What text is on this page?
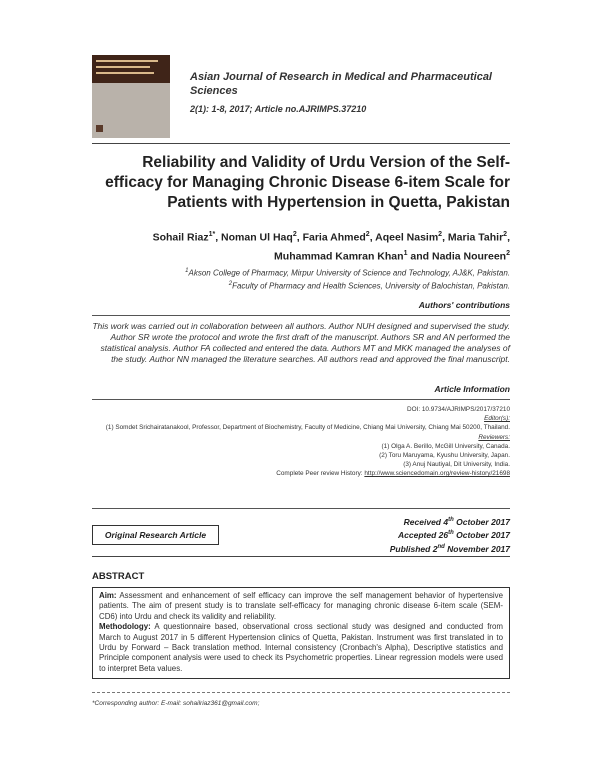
Asian Journal of Research in Medical and Pharmaceutical Sciences
2(1): 1-8, 2017; Article no.AJRIMPS.37210
Reliability and Validity of Urdu Version of the Self-efficacy for Managing Chronic Disease 6-item Scale for Patients with Hypertension in Quetta, Pakistan
Sohail Riaz$^{1*}$, Noman Ul Haq$^2$, Faria Ahmed$^2$, Aqeel Nasim$^2$, Maria Tahir$^2$,
Muhammad Kamran Khan$^1$ and Nadia Noureen$^2$
$^1$Akson College of Pharmacy, Mirpur University of Science and Technology, AJ&K, Pakistan.
$^2$Faculty of Pharmacy and Health Sciences, University of Balochistan, Pakistan.
Authors' contributions
This work was carried out in collaboration between all authors. Author NUH designed and supervised the study. Author SR wrote the protocol and wrote the first draft of the manuscript. Authors SR and AN performed the statistical analysis. Author FA collected and entered the data. Authors MT and MKK managed the analyses of the study. Author NN managed the literature searches. All authors read and approved the final manuscript.
Article Information
DOI: 10.9734/AJRIMPS/2017/37210
Editor(s):
(1) Somdet Srichairatanakool, Professor, Department of Biochemistry, Faculty of Medicine, Chiang Mai University, Chiang Mai 50200, Thailand.
Reviewers:
(1) Olga A. Berillo, McGill University, Canada.
(2) Toru Maruyama, Kyushu University, Japan.
(3) Anuj Nautiyal, Dit University, India.
Complete Peer review History: http://www.sciencedomain.org/review-history/21698
Original Research Article
Received 4th October 2017
Accepted 26th October 2017
Published 2nd November 2017
ABSTRACT
Aim: Assessment and enhancement of self efficacy can improve the self management behavior of hypertensive patients. The aim of present study is to translate self-efficacy for managing chronic disease 6-item scale (SEM-CD6) into Urdu and check its validity and reliability.
Methodology: A questionnaire based, observational cross sectional study was designed and conducted from March to August 2017 in 5 different Hypertension clinics of Quetta, Pakistan. Instrument was first translated in to Urdu by Forward – Back translation method. Internal consistency (Cronbach's Alpha), Descriptive statistics and Principle component analysis were used to check its Psychometric properties. Linear regression models were used to interpret Beta values.
*Corresponding author: E-mail: sohailriaz361@gmail.com;
